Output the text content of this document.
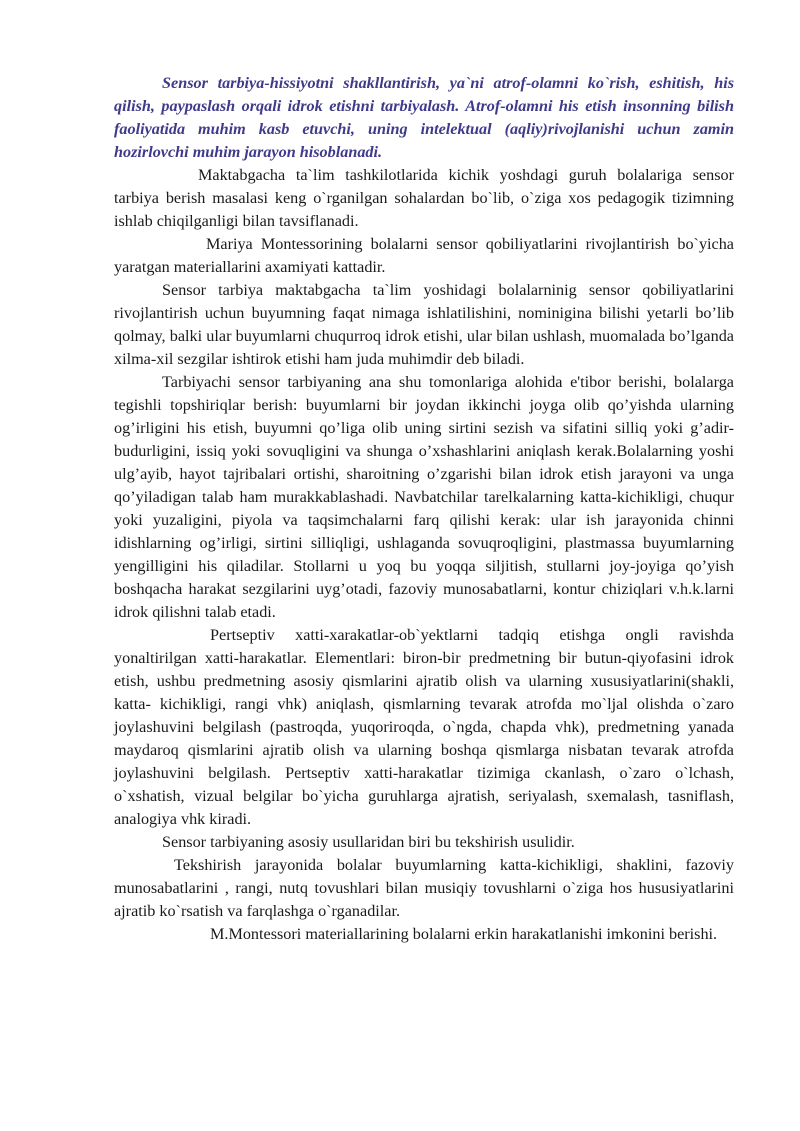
Sensor tarbiya-hissiyotni shakllantirish, ya`ni atrof-olamni ko`rish, eshitish, his qilish, paypaslash orqali idrok etishni tarbiyalash. Atrof-olamni his etish insonning bilish faoliyatida muhim kasb etuvchi, uning intelektual (aqliy)rivojlanishi uchun zamin hozirlovchi muhim jarayon hisoblanadi.

Maktabgacha ta`lim tashkilotlarida kichik yoshdagi guruh bolalariga sensor tarbiya berish masalasi keng o`rganilgan sohalardan bo`lib, o`ziga xos pedagogik tizimning ishlab chiqilganligi bilan tavsiflanadi.

Mariya Montessorining bolalarni sensor qobiliyatlarini rivojlantirish bo`yicha yaratgan materiallarini axamiyati kattadir.

Sensor tarbiya maktabgacha ta`lim yoshidagi bolalarninig sensor qobiliyatlarini rivojlantirish uchun buyumning faqat nimaga ishlatilishini, nominigina bilishi yetarli bo’lib qolmay, balki ular buyumlarni chuqurroq idrok etishi, ular bilan ushlash, muomalada bo’lganda xilma-xil sezgilar ishtirok etishi ham juda muhimdir deb biladi.

Tarbiyachi sensor tarbiyaning ana shu tomonlariga alohida e'tibor berishi, bolalarga tegishli topshiriqlar berish: buyumlarni bir joydan ikkinchi joyga olib qo’yishda ularning og’irligini his etish, buyumni qo’liga olib uning sirtini sezish va sifatini silliq yoki g’adir-budurligini, issiq yoki sovuqligini va shunga o’xshashlarini aniqlash kerak.Bolalarning yoshi ulg’ayib, hayot tajribalari ortishi, sharoitning o’zgarishi bilan idrok etish jarayoni va unga qo’yiladigan talab ham murakkablashadi. Navbatchilar tarelkalarning katta-kichikligi, chuqur yoki yuzaligini, piyola va taqsimchalarni farq qilishi kerak: ular ish jarayonida chinni idishlarning og’irligi, sirtini silliqligi, ushlaganda sovuqroqligini, plastmassa buyumlarning yengilligini his qiladilar. Stollarni u yoq bu yoqqa siljitish, stullarni joy-joyiga qo’yish boshqacha harakat sezgilarini uyg’otadi, fazoviy munosabatlarni, kontur chiziqlari v.h.k.larni idrok qilishni talab etadi.

Pertseptiv xatti-xarakatlar-ob`yektlarni tadqiq etishga ongli ravishda yonaltirilgan xatti-harakatlar. Elementlari: biron-bir predmetning bir butun-qiyofasini idrok etish, ushbu predmetning asosiy qismlarini ajratib olish va ularning xususiyatlarini(shakli, katta- kichikligi, rangi vhk) aniqlash, qismlarning tevarak atrofda mo`ljal olishda o`zaro joylashuvini belgilash (pastroqda, yuqoriroqda, o`ngda, chapda vhk), predmetning yanada maydaroq qismlarini ajratib olish va ularning boshqa qismlarga nisbatan tevarak atrofda joylashuvini belgilash. Pertseptiv xatti-harakatlar tizimiga ckanlash, o`zaro o`lchash, o`xshatish, vizual belgilar bo`yicha guruhlarga ajratish, seriyalash, sxemalash, tasniflash, analogiya vhk kiradi.

Sensor tarbiyaning asosiy usullaridan biri bu tekshirish usulidir.

Tekshirish jarayonida bolalar buyumlarning katta-kichikligi, shaklini, fazoviy munosabatlarini , rangi, nutq tovushlari bilan musiqiy tovushlarni o`ziga hos hususiyatlarini ajratib ko`rsatish va farqlashga o`rganadilar.

M.Montessori materiallarining bolalarni erkin harakatlanishi imkonini berishi.
